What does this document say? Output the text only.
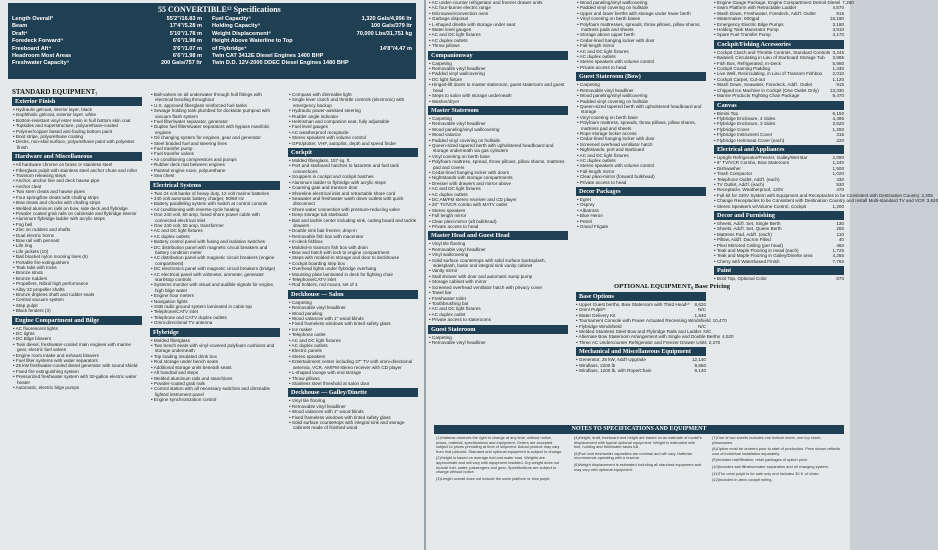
55 CONVERTIBLE¹² Specifications
Length Overall³	55'2"/16.83 m
Beam	17'4"/5.28 m
Draft⁴	5'10"/1.78 m
Foredeck Forward⁴	6'6"/1.98 m
Freeboard Aft⁴	3'6"/1.07 m
Headroom Most Areas	6'6"/1.98 m
Freshwater Capacity⁵	200 Gals/757 ltr
Fuel Capacity⁵	1,320 Gals/4,996 ltr
Holding Capacity⁵	100 Gals/379 ltr
Weight Displacement⁶	70,000 Lbs/31,751 kg
Height Above Waterline to Top
of Flybridge⁴	14'8"/4.47 m
Twin CAT 3412E Diesel Engines 1400 BHP
Twin D.D. 12V-2000 DDEC Diesel Engines 1480 BHP
STANDARD EQUIPMENT₇
Exterior Finish
• Hydraulic gelcoat, interior layer, black
• Isophthalic gelcoat, exterior layer, white
• Bottom-resistant vinyl ester resin in hull bottom skin coat
• Topsides and superstructure, polyurethane-coated
• Polymer/copper based anti-fouling bottom paint
• Boot stripe, polyurethane coating
• Decks, non-skid surface, polyurethane paint with polyester finish
Hardware and Miscellaneous
• All hardware chrome on brass or stainless steel
• Fiberglass pulpit with stainless steel anchor chute and roller
• Transom releasing steps
• Anchor, anchor line and deck hawse pipe
• Anchor cleat
• Two stern cleats and hawse pipes
• Four spring/line cleats with chafing strips
• Bow cleats and chocks with chafing strips
• Welded aluminum rails on bow, side deck and flybridge
• Powder coated grab rails on cabinside and flybridge interior
• Aluminum flybridge ladder with acrylic steps
• Fog bell
• Zinc on rudders and shafts
• Dual electric horns
• Bow rail with pennant
• Life ring
• Life jackets (10)
• Bait bracket nylon mooring lines (6)
• Portable fire extinguishers
• Teak tabs with locks
• Bronze struts
• Bronze rudders
• Propellers, Nibral high performance
• Alloy 22 propeller shafts
• Bronze dripless shaft and rudder seals
• Central vacuum system
• Step pulpit
• Black fenders (3)
Engine Compartment and Bilge
• AC fluorescent lights
• DC lights
• DC Bilge blowers
• Twin diesel, freshwater-cooled main engines with marine gear, electric fuel valves
• Engine room intake and exhaust blowers
• Fuel filter systems with water separators
• 25 kW freshwater-cooled diesel generator with sound shield
• Fixed fire extinguishing system
• Pressurized freshwater system with 30-gallon electric water heater
• Automatic, electric bilge pumps
• Ball-valves on all underwater through hull fittings with electrical bonding throughout
• U.S. approved fiberglass reinforced fuel tanks
• Sewage holding tank plumbed for dockside pumpout with vacuum flush system
• Fuel filter/water separator, generator
• Duplex fuel filters/water separators with bypass manifold, engines
• Oil changing system for engines, gear and generator
• Steel braided fuel and steering lines
• Fuel transfer pump
• Fuel transfer valves
• Air conditioning compressors and pumps
• Rubber deck mat between engines
• Painted engine room, polyurethane
• Sea chest
Electrical Systems
• Two 24 volt banks of heavy duty, 12 volt marine batteries
• 240 volt automatic battery charger, 50/60 Hz
• Battery paralleling system with switch at control console
• Air conditioning with reverse-cycle heating
• One 240 volt, 50 amp, fused shore power cable with connected electrical inlet
• One 240 volt, 50 amp, transformer
• AC and DC light fixtures
• AC duplex outlets
• Battery control panel with fusing and isolation switches
• DC distribution panel with magnetic circuit breakers and battery condition meter
• AC distribution panel with magnetic circuit breakers (engine compartment)
• DC electronics panel with magnetic circuit breakers (bridge)
• AC electrical panel with voltmeter, ammeter, generator start/stop controls
• Systems monitor with visual and audible signals for engine, high bilge water
• Engine hour meters
• Navigation lights
• SSB radio ground system laminated in cabin top
• Telephone/CATV inlet
• Telephone and CATV duplex outlets
• Omni-directional TV antenna
Flybridge
• Molded fiberglass
• Two bench seats with vinyl-covered polyfoam cushions and storage underneath
• Top loading insulated drink box
• Rod storage under bench seats
• Additional storage units beneath seats
• Aft handrail and steps
• Welded aluminum rails and stanchions
• Powder-coated grab rails
• Control station with all necessary switches and dimmable lighted instrument panel
• Engine synchronization control
• Compass with dimmable light
• Single lever clutch and throttle controls (electronic) with emergency backup
• Hydraulic power-assisted steering
• Rudder angle indicator
• Helmsman and companion seat, fully adjustable
• Fuel level gauges
• AC weatherproof receptacle
• Stereo speakers with volume control
• GPS/plotter, VHF, autopilot, depth and speed finder
Cockpit
• Molded fiberglass, 157 sq. ft.
• Port and starboard hatches to lazarette and fuel tank connections
• Scuppers in cockpit and cockpit hatches
• Aluminum ladder to flybridge with acrylic steps
• Coaming gate and transom door
• Shoreline electrical inlet and retractable shore cord
• Seawater and freshwater wash down outlets with quick disconnect
• Shore water connection with pressure-reducing valve
• Deep storage tub starboard
• Bait and tackle center including sink, cutting board and tackle drawers
• Double sink bait freezer, drop-in
• Removable fish box with macerator
• In-deck fishbox
• Molded-in transom fish box with drain
• Bow and hatch with lock to engine compartment
• Steps with molded-in storage and door to deckhouse
• Cockpit boarding step box
• Overhead lights under flybridge overhang
• Mounting plate laminated in deck for fighting chair
• Telephone/CATV inlet
• Rod holders, rod mount, set of 4
Deckhouse — Salon
• Carpeting
• Removable vinyl headliner
• Wood paneling
• Wood valances with 1" wood blinds
• Fixed frameless windows with tinted safety glass
• Ice maker
• Telephone outlet
• AC and DC light fixtures
• AC duplex outlets
• Electric panels
• Stereo speakers
• Entertainment center including 27" TV with omni-directional antenna, VCR, AM/FM stereo receiver with CD player
• L-shaped lounge with end storage
• Throw pillows
• Stainless steel threshold at salon door
Deckhouse — Galley/Dinette
• Vinyl tile flooring
• Removable vinyl headliner
• Wood valances with 1" wood blinds
• Fixed frameless windows with tinted safety glass
• Solid surface countertops with integral sink and storage cabinets made of finished wood
• AC under-counter refrigerator and freezer drawer units
• AC four-burner electric range
• Microwave/convection oven
• Garbage disposal
• L-shaped dinette with storage under seat
• Water level gauges
• AC and DC light fixtures
• AC duplex outlets
• Throw pillows
Companionway
• Carpeting
• Removable vinyl headliner
• Padded vinyl wallcovering
• DC light fixture
• Hinged-lift doors to master stateroom, guest stateroom and guest head
• Steps to salon with storage underneath
• Washer/dryer
Master Stateroom
• Carpeting
• Removable vinyl headliner
• Wood paneling/vinyl wallcovering
• Wood valance
• Padded vinyl covering on hullside
• Queen-sized tapered berth with upholstered headboard and storage underneath via gas cylinders
• Vinyl covering on berth base
• Polyfoam mattress, spread, throw pillows, pillow shams, mattress pad and covers
• Cedar-lined hanging locker with doors
• Nightstands with storage compartments
• Dresser with drawers and mirror above
• AC and DC light fixtures
• AC duplex outlets
• DC AM/FM stereo receiver and CD player
• 20" TV/VCR combo with MATV outlet
• Stereo speakers
• Full length mirror
• Clear plexi-mirror (aft bulkhead)
• Private access to head
Master Head and Guest Head
• Vinyl tile flooring
• Removable vinyl headliner
• Vinyl wallcovering
• Solid surface countertops with solid surface backsplash, sidesplash, basin and integral sink vanity cabinet
• Vanity mirror
• Stall shower with door and automatic sump pump
• Storage cabinet with mirror
• Screened overhead ventilator hatch with privacy cover
• Towel bar
• Freshwater toilet
• Toothbrushing bar
• AC and DC light fixtures
• AC duplex outlet
• Private access to staterooms
Guest Stateroom
• Carpeting
• Removable vinyl headliner
• Wood paneling/vinyl wallcovering
• Padded vinyl covering on hullside
• Upper and lower berths with storage under lower berth
• Vinyl covering on berth bases
• Polyfoam mattresses, spreads, throw pillows, pillow shams, mattress pads and sheets
• Storage above upper berth
• Cedar-lined hanging locker with door
• Full-length mirror
• AC and DC light fixtures
• AC duplex outlets
• Stereo speakers with volume control
• Private access to head
Guest Stateroom (Bow)
• Carpeting
• Removable vinyl headliner
• Wood paneling/vinyl wallcovering
• Padded vinyl covering on hullside
• Queen-sized tapered berth with upholstered headboard and storage
• Vinyl covering on berth base
• Polyfoam mattress, spreads, throw pillows, pillow shams, mattress pad and sheets
• Rope storage locker access
• Cedar-lined hanging locker with door
• Screened overhead ventilator hatch
• Nightstands, port and starboard
• AC and DC light fixtures
• AC duplex outlets
• Stereo speakers with volume control
• Full-length mirror
• Clear plexi-mirror (forward bulkhead)
• Private access to head
Decor Packages
• Egret
• Osprey
• Albatross
• Blue Heron
• Petrel
• Grand Frigate
OPTIONAL EQUIPMENT₉ Base Pricing
Base Options
• Upper Guest berths, Bow Stateroom with Third Head¹⁰	8,620
• Omni Pulpit¹¹	N/C
• Water Delivery Kit	1,840
• Tournament Console with Power Actuated Recessing Windshield 10,470
• Flybridge Windshield	N/C
• Welded Stainless Steel Bow and Flybridge Rails and Ladder N/C
• Alternate Bow Stateroom Arrangement with Single and Double Berths 4,520
• Three AC Undercounter Refrigerator and Freezer Drawer Units 2,270
Mechanical and Miscellaneous Equipment
• Generator, 25 kW, Add'l Upgrade	12,140
• Windlass, 2200 lb	9,650
• Windlass, 1200 lb, with Rope/Chain	9,140
• Engine Gauge Package, Engine Compartment Detroit Diesel 7,260
• Swim Platform with Retractable Ladder	4,570
• Wash Down, Freshwater, Foredeck, Add'l. Outlet	915
• Watermaker, 600gpd	18,190
• Emergency Electric Bilge Pumps	3,180
• Holding Tank Macerator Pump	3,910
• Spare Fuel Transfer Pump	4,170
Cockpit/Fishing Accessories
• Cockpit Clutch and Throttle Controls, Standard Controls 3,245
• Baitwell, Circulating in Lieu of Starboard Storage Tub	3,885
• Fish Box, Refrigerated, In-Deck	5,950
• Cockpit Coaming Padding	1,430
• Live Well, Recirculating, in Lieu of Transom Fishbox	2,010
• Cockpit Carpet, Cut-out	1,120
• Wash Down, Seawater, Foredeck, Add'l. Outlet	915
• Chipped Ice Machine in Cockpit (One Outlet Only)	13,330
• Marine Products Fighting Chair Package	8,470
Canvas
• Bimini Top	6,150
• Flybridge Enclosure, 4 Sides	4,495
• Flybridge Enclosure, 3 Sides	3,520
• Flybridge Cover	1,260
• Flybridge Instrument Cover	315
• Flybridge Helmseat Cover (each)	220
Electrical and Appliances
• Upright Refrigerator/Freezer, Galley/Wet Bar	2,090
• 6" TV/VCR Combo, Bow Stateroom	1,240
• Dishwasher	1,500
• Trash Compactor	1,020
• Telephone Outlet, Add'l. (each)	430
• TV Outlet, Add'l. (each)	530
• Receptacle, Weatherproof, 120V	470
• Full-kit for 230V System with Equipment and Receptacles to be Consistent with Destination Country 2,405
• Change Receptacles to be Consistent with Destination Country and Install Multi-standard TV and VCR 3,620
• Stereo Speakers w/Volume Control, Cockpit	1,200
Decor and Furnishing
• Sheets, Add'l. Set, Single Berth	130
• Sheets, Add'l. Set, Queen Berth	260
• Mattress Pad, Add'l. (each)	110
• Pillow, Add'l. Dacron Filled	40
• Plexi Mirrored Ceiling (per head)	460
• Teak and Maple Flooring in Head (each)	1,725
• Teak and Maple Flooring in Galley/Dinette area	4,255
• Cherry with Waterbased Finish	7,760
Paint
• Boot Top, Optional Color	670
NOTES TO SPECIFICATIONS AND EQUIPMENT

(1)Hatteras reserves the right to change at any time, without notice, prices, material, specifications and equipment. Orders are accepted subject to prices prevailing at time of shipment. Actual product may vary from that pictured. Standard and optional equipment is subject to change.

(2)Height is based on average fuel and water load. Weights are approximate and will vary with equipment installed. Dry weight does not include fuel, water, passengers and gear. Specifications are subject to change without notice.

(3)Length overall does not include the swim platform or bow pulpit.

(4)Height, draft, freeboard and height are based on an estimate of model's displacement with typical optional equipment. Weight is estimated with fuel, holding and freshwater tanks full.

(5)Fuel and freshwater capacities are nominal and will vary. Hatteras recommends operating with a reserve.

(6)Weight displacement is estimated including all standard equipment and may vary with optional equipment.

(7)One of two sheets includes one bottom sheet, one top sheet, pillowcases.

(8)Option must be ordered prior to start of production. Price shown reflects cost of individual installation separately.

(9)Includes bait/filtration; retail packages of option price.

(10)Includes salt filtration/water separation and oil changing system.

(11)The omni pulpit is for sale only and includes 30 ft. of chain.

(12)Includes in-deck cockpit wiring.
